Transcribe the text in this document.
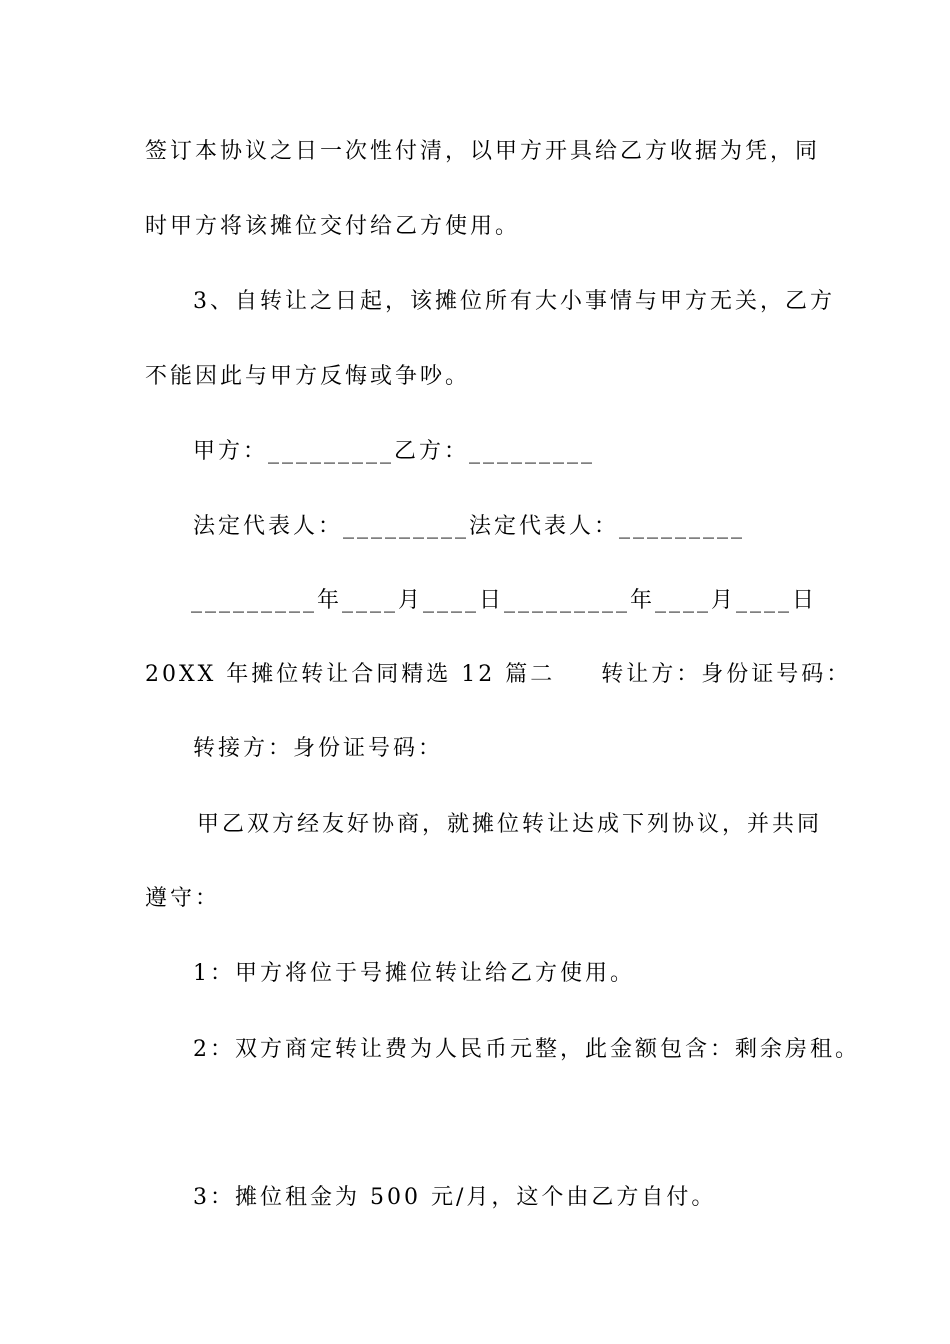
签订本协议之日一次性付清，以甲方开具给乙方收据为凭，同
时甲方将该摊位交付给乙方使用。
3、自转让之日起，该摊位所有大小事情与甲方无关，乙方
不能因此与甲方反悔或争吵。
甲方：_________乙方：_________
法定代表人：_________法定代表人：_________
_________年____月____日_________年____月____日
20XX 年摊位转让合同精选 12 篇二 转让方：身份证号码：
转接方：身份证号码：
甲乙双方经友好协商，就摊位转让达成下列协议，并共同
遵守：
1：甲方将位于号摊位转让给乙方使用。
2：双方商定转让费为人民币元整，此金额包含：剩余房租。
3：摊位租金为 500 元/月，这个由乙方自付。
